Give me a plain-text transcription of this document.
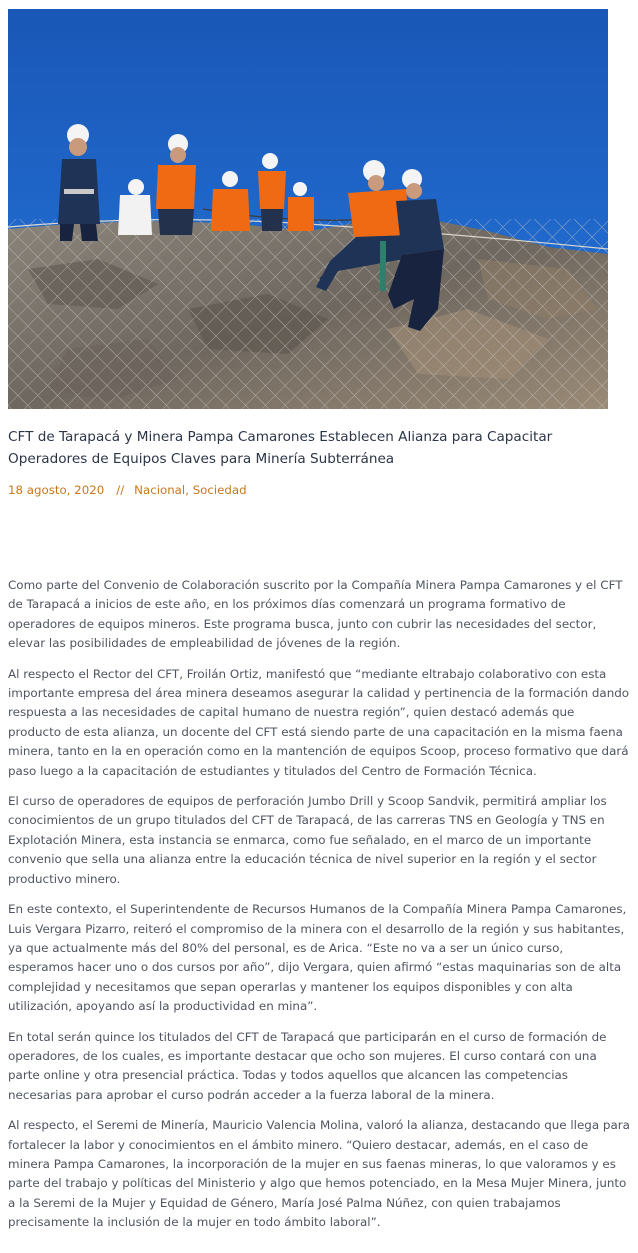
CFT de Tarapacá y Minera Pampa Camarones Establecen Alianza para Capacitar Operadores de Equipos Claves para Minería Subterránea
18 agosto, 2020 // Nacional, Sociedad

Como parte del Convenio de Colaboración suscrito por la Compañía Minera Pampa Camarones y el CFT de Tarapacá a inicios de este año, en los próximos días comenzará un programa formativo de operadores de equipos mineros. Este programa busca, junto con cubrir las necesidades del sector, elevar las posibilidades de empleabilidad de jóvenes de la región.

Al respecto el Rector del CFT, Froilán Ortiz, manifestó que “mediante eltrabajo colaborativo con esta importante empresa del área minera deseamos asegurar la calidad y pertinencia de la formación dando respuesta a las necesidades de capital humano de nuestra región”, quien destacó además que producto de esta alianza, un docente del CFT está siendo parte de una capacitación en la misma faena minera, tanto en la en operación como en la mantención de equipos Scoop, proceso formativo que dará paso luego a la capacitación de estudiantes y titulados del Centro de Formación Técnica.

El curso de operadores de equipos de perforación Jumbo Drill y Scoop Sandvik, permitirá ampliar los conocimientos de un grupo titulados del CFT de Tarapacá, de las carreras TNS en Geología y TNS en Explotación Minera, esta instancia se enmarca, como fue señalado, en el marco de un importante convenio que sella una alianza entre la educación técnica de nivel superior en la región y el sector productivo minero.

En este contexto, el Superintendente de Recursos Humanos de la Compañía Minera Pampa Camarones, Luis Vergara Pizarro, reiteró el compromiso de la minera con el desarrollo de la región y sus habitantes, ya que actualmente más del 80% del personal, es de Arica. “Este no va a ser un único curso, esperamos hacer uno o dos cursos por año”, dijo Vergara, quien afirmó “estas maquinarias son de alta complejidad y necesitamos que sepan operarlas y mantener los equipos disponibles y con alta utilización, apoyando así la productividad en mina”.

En total serán quince los titulados del CFT de Tarapacá que participarán en el curso de formación de operadores, de los cuales, es importante destacar que ocho son mujeres. El curso contará con una parte online y otra presencial práctica. Todas y todos aquellos que alcancen las competencias necesarias para aprobar el curso podrán acceder a la fuerza laboral de la minera.

Al respecto, el Seremi de Minería, Mauricio Valencia Molina, valoró la alianza, destacando que llega para fortalecer la labor y conocimientos en el ámbito minero. “Quiero destacar, además, en el caso de minera Pampa Camarones, la incorporación de la mujer en sus faenas mineras, lo que valoramos y es parte del trabajo y políticas del Ministerio y algo que hemos potenciado, en la Mesa Mujer Minera, junto a la Seremi de la Mujer y Equidad de Género, María José Palma Núñez, con quien trabajamos precisamente la inclusión de la mujer en todo ámbito laboral”.
